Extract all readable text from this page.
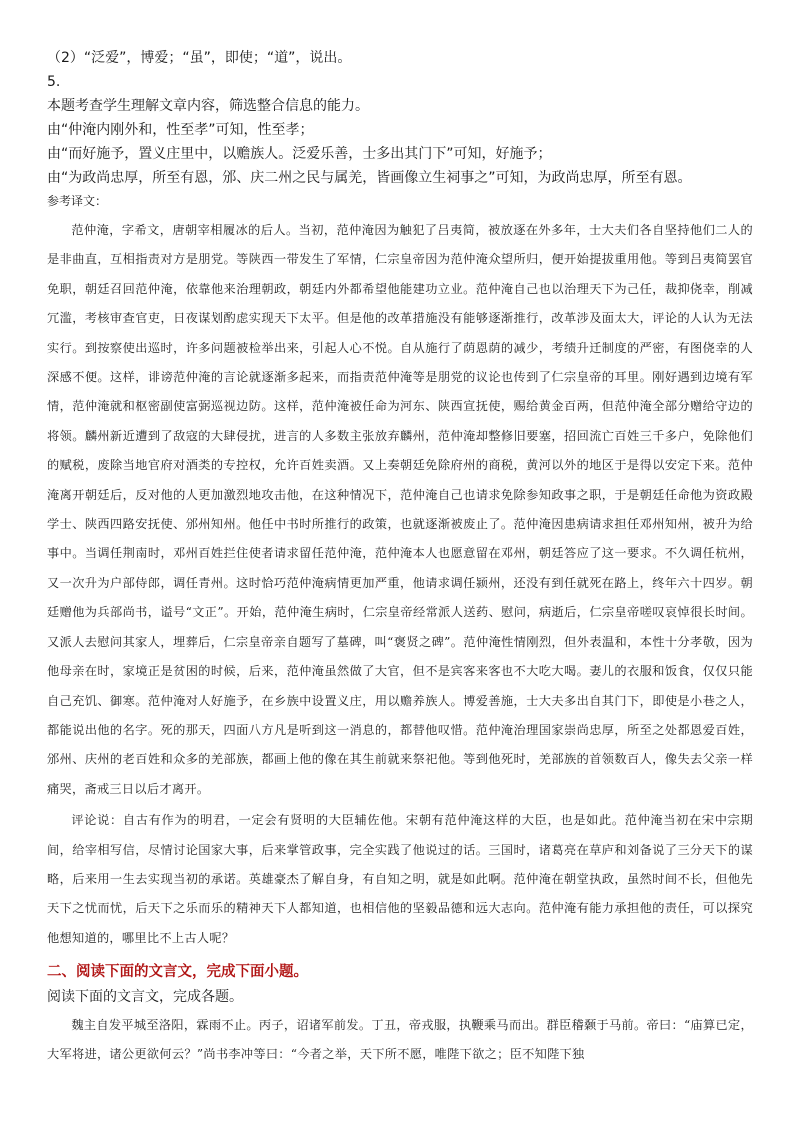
（2）“泛爱”，博爱；“虽”，即使；“道”，说出。

5.

本题考查学生理解文章内容，筛选整合信息的能力。

由“仲淹内刚外和，性至孝”可知，性至孝；

由“而好施予，置义庄里中，以赡族人。泛爱乐善，士多出其门下”可知，好施予；

由“为政尚忠厚，所至有恩，邠、庆二州之民与属羌，皆画像立生祠事之”可知，为政尚忠厚，所至有恩。

参考译文：

范仲淹，字希文，唐朝宰相履冰的后人。当初，范仲淹因为触犯了吕夷简，被放逐在外多年，士大夫们各自坚持他们二人的是非曲直，互相指责对方是朋党。等陕西一带发生了军情，仁宗皇帝因为范仲淹众望所归，便开始提拔重用他。等到吕夷简罢官免职，朝廷召回范仲淹，依靠他来治理朝政，朝廷内外都希望他能建功立业。范仲淹自己也以治理天下为己任，裁抑侥幸，削减冗滥，考核审查官吏，日夜谋划酌虑实现天下太平。但是他的改革措施没有能够逐渐推行，改革涉及面太大，评论的人认为无法实行。到按察使出巡时，许多问题被检举出来，引起人心不悦。自从施行了荫恩荫的减少，考绩升迁制度的严密，有图侥幸的人深感不便。这样，诽谤范仲淹的言论就逐渐多起来，而指责范仲淹等是朋党的议论也传到了仁宗皇帝的耳里。刚好遇到边境有军情，范仲淹就和枢密副使富弼巡视边防。这样，范仲淹被任命为河东、陕西宣抚使，赐给黄金百两，但范仲淹全部分赠给守边的将领。麟州新近遭到了敌寇的大肆侵扰，进言的人多数主张放弃麟州，范仲淹却整修旧要塞，招回流亡百姓三千多户，免除他们的赋税，废除当地官府对酒类的专控权，允许百姓卖酒。又上奏朝廷免除府州的商税，黄河以外的地区于是得以安定下来。范仲淹离开朝廷后，反对他的人更加激烈地攻击他，在这种情况下，范仲淹自己也请求免除参知政事之职，于是朝廷任命他为资政殿学士、陕西四路安抚使、邠州知州。他任中书时所推行的政策，也就逐渐被废止了。范仲淹因患病请求担任邓州知州，被升为给事中。当调任荆南时，邓州百姓拦住使者请求留任范仲淹，范仲淹本人也愿意留在邓州，朝廷答应了这一要求。不久调任杭州，又一次升为户部侍郎，调任青州。这时恰巧范仲淹病情更加严重，他请求调任颍州，还没有到任就死在路上，终年六十四岁。朝廷赠他为兵部尚书，谥号“文正”。开始，范仲淹生病时，仁宗皇帝经常派人送药、慰问，病逝后，仁宗皇帝嗟叹哀悼很长时间。又派人去慰问其家人，埋葬后，仁宗皇帝亲自题写了墓碑，叫“褒贤之碑”。范仲淹性情刚烈，但外表温和，本性十分孝敬，因为他母亲在时，家境正是贫困的时候，后来，范仲淹虽然做了大官，但不是宾客来客也不大吃大喝。妻儿的衣服和饭食，仅仅只能自己充饥、御寒。范仲淹对人好施予，在乡族中设置义庄，用以赡养族人。博爱善施，士大夫多出自其门下，即使是小巷之人，都能说出他的名字。死的那天，四面八方凡是听到这一消息的，都替他叹惜。范仲淹治理国家崇尚忠厚，所至之处都恩爱百姓，邠州、庆州的老百姓和众多的羌部族，都画上他的像在其生前就来祭祀他。等到他死时，羌部族的首领数百人，像失去父亲一样痛哭，斋戒三日以后才离开。

评论说：自古有作为的明君，一定会有贤明的大臣辅佐他。宋朝有范仲淹这样的大臣，也是如此。范仲淹当初在宋中宗期间，给宰相写信，尽情讨论国家大事，后来掌管政事，完全实践了他说过的话。三国时，诸葛亮在草庐和刘备说了三分天下的谋略，后来用一生去实现当初的承诺。英雄豪杰了解自身，有自知之明，就是如此啊。范仲淹在朝堂执政，虽然时间不长，但他先天下之忧而忧，后天下之乐而乐的精神天下人都知道，也相信他的坚毅品德和远大志向。范仲淹有能力承担他的责任，可以探究他想知道的，哪里比不上古人呢？

二、阅读下面的文言文，完成下面小题。

阅读下面的文言文，完成各题。

魏主自发平城至洛阳，霖雨不止。丙子，诏诸军前发。丁丑，帝戎服，执鞭乘马而出。群臣稽颡于马前。帝曰：“庙算已定，大军将进，诸公更欲何云？”尚书李冲等曰：“今者之举，天下所不愿，唯陛下欲之；臣不知陛下独
